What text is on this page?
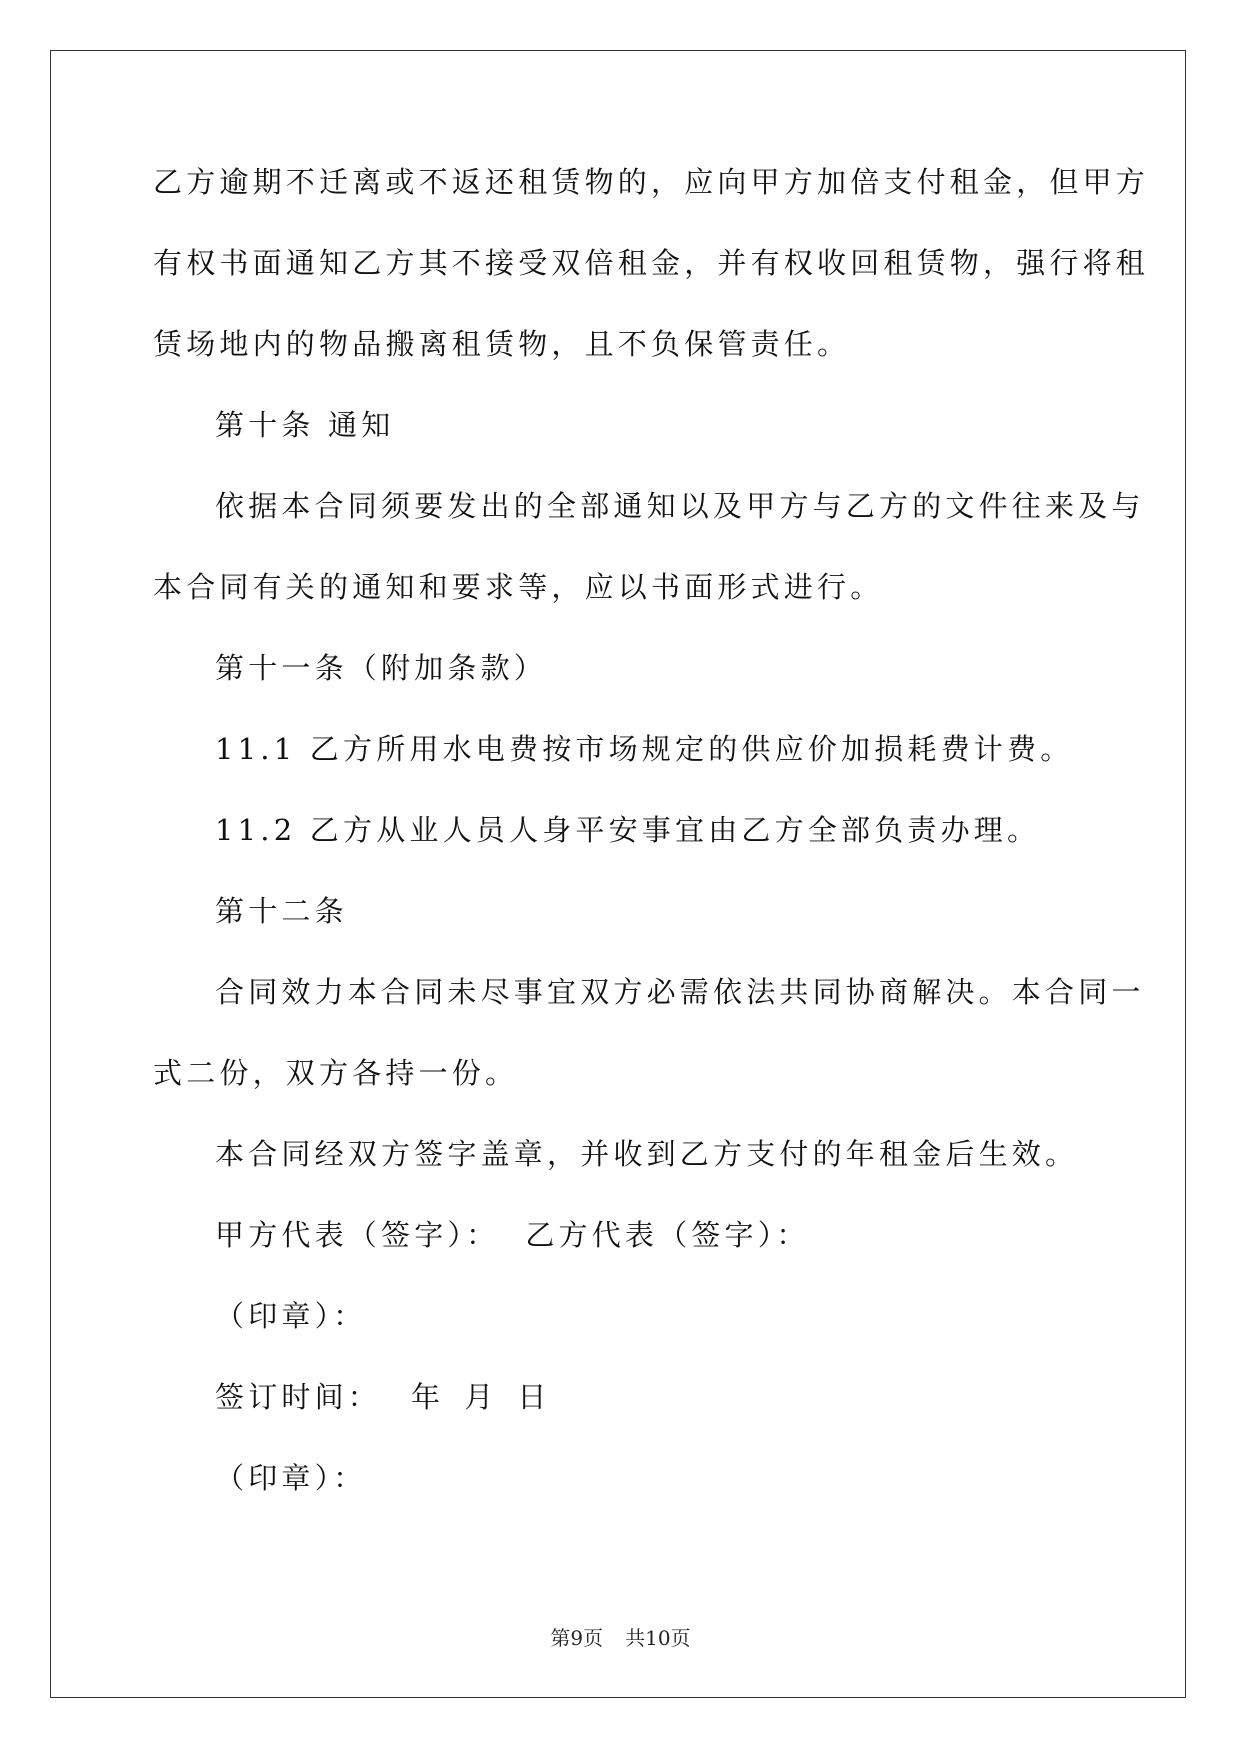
乙方逾期不迁离或不返还租赁物的，应向甲方加倍支付租金，但甲方
有权书面通知乙方其不接受双倍租金，并有权收回租赁物，强行将租
赁场地内的物品搬离租赁物，且不负保管责任。
第十条 通知
依据本合同须要发出的全部通知以及甲方与乙方的文件往来及与
本合同有关的通知和要求等，应以书面形式进行。
第十一条（附加条款）
11.1 乙方所用水电费按市场规定的供应价加损耗费计费。
11.2 乙方从业人员人身平安事宜由乙方全部负责办理。
第十二条
合同效力本合同未尽事宜双方必需依法共同协商解决。本合同一
式二份，双方各持一份。
本合同经双方签字盖章，并收到乙方支付的年租金后生效。
甲方代表（签字）： 乙方代表（签字）：
（印章）：
签订时间： 年 月 日
（印章）：
第9页 共10页
